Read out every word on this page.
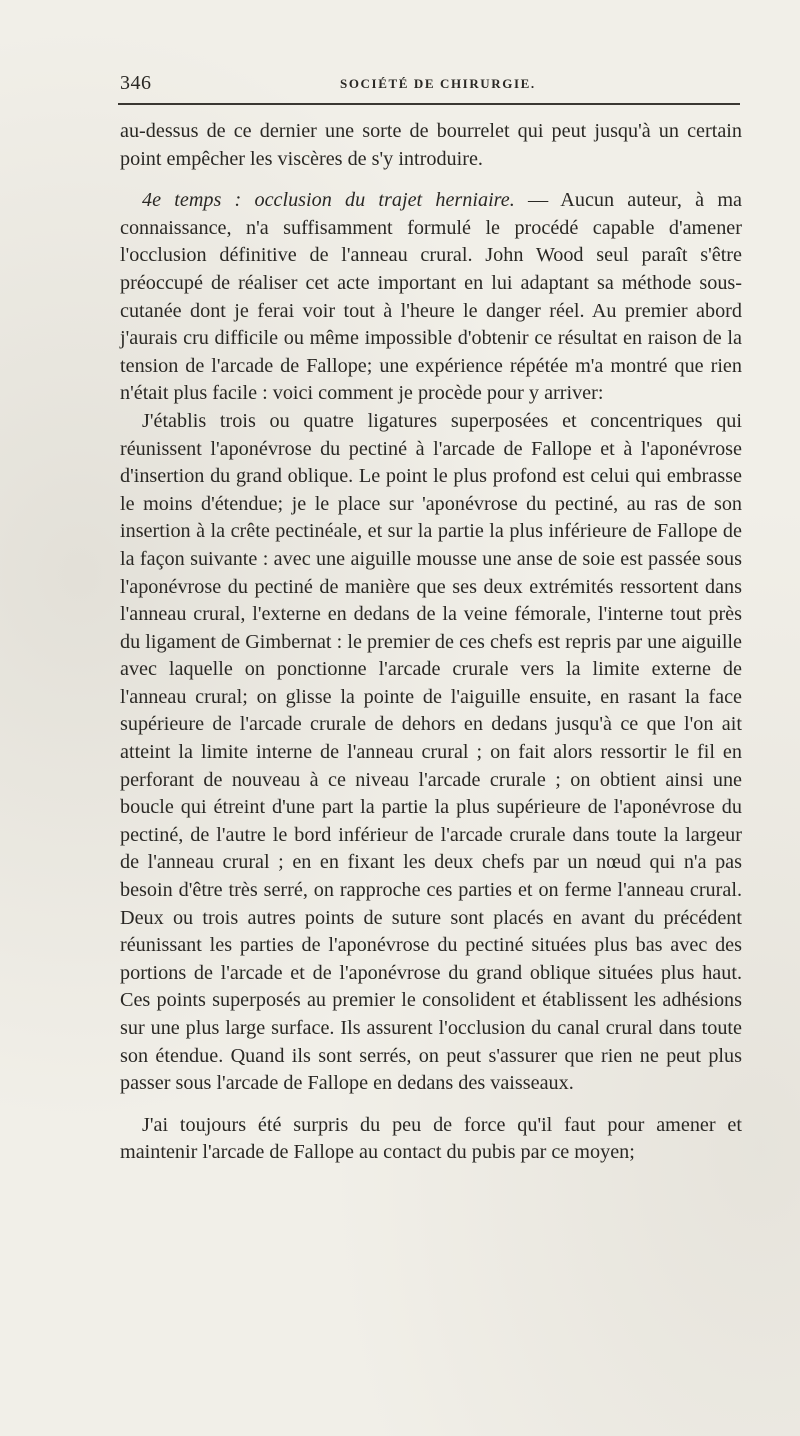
346	SOCIÉTÉ DE CHIRURGIE.

au-dessus de ce dernier une sorte de bourrelet qui peut jusqu'à un certain point empêcher les viscères de s'y introduire.

4e temps : occlusion du trajet herniaire. — Aucun auteur, à ma connaissance, n'a suffisamment formulé le procédé capable d'amener l'occlusion définitive de l'anneau crural. John Wood seul paraît s'être préoccupé de réaliser cet acte important en lui adaptant sa méthode sous-cutanée dont je ferai voir tout à l'heure le danger réel. Au premier abord j'aurais cru difficile ou même impossible d'obtenir ce résultat en raison de la tension de l'arcade de Fallope; une expérience répétée m'a montré que rien n'était plus facile : voici comment je procède pour y arriver:

J'établis trois ou quatre ligatures superposées et concentriques qui réunissent l'aponévrose du pectiné à l'arcade de Fallope et à l'aponévrose d'insertion du grand oblique. Le point le plus profond est celui qui embrasse le moins d'étendue; je le place sur 'aponévrose du pectiné, au ras de son insertion à la crête pectinéale, et sur la partie la plus inférieure de Fallope de la façon suivante : avec une aiguille mousse une anse de soie est passée sous l'aponévrose du pectiné de manière que ses deux extrémités ressortent dans l'anneau crural, l'externe en dedans de la veine fémorale, l'interne tout près du ligament de Gimbernat : le premier de ces chefs est repris par une aiguille avec laquelle on ponctionne l'arcade crurale vers la limite externe de l'anneau crural; on glisse la pointe de l'aiguille ensuite, en rasant la face supérieure de l'arcade crurale de dehors en dedans jusqu'à ce que l'on ait atteint la limite interne de l'anneau crural ; on fait alors ressortir le fil en perforant de nouveau à ce niveau l'arcade crurale ; on obtient ainsi une boucle qui étreint d'une part la partie la plus supérieure de l'aponévrose du pectiné, de l'autre le bord inférieur de l'arcade crurale dans toute la largeur de l'anneau crural ; en en fixant les deux chefs par un nœud qui n'a pas besoin d'être très serré, on rapproche ces parties et on ferme l'anneau crural. Deux ou trois autres points de suture sont placés en avant du précédent réunissant les parties de l'aponévrose du pectiné situées plus bas avec des portions de l'arcade et de l'aponévrose du grand oblique situées plus haut. Ces points superposés au premier le consolident et établissent les adhésions sur une plus large surface. Ils assurent l'occlusion du canal crural dans toute son étendue. Quand ils sont serrés, on peut s'assurer que rien ne peut plus passer sous l'arcade de Fallope en dedans des vaisseaux.

J'ai toujours été surpris du peu de force qu'il faut pour amener et maintenir l'arcade de Fallope au contact du pubis par ce moyen;
